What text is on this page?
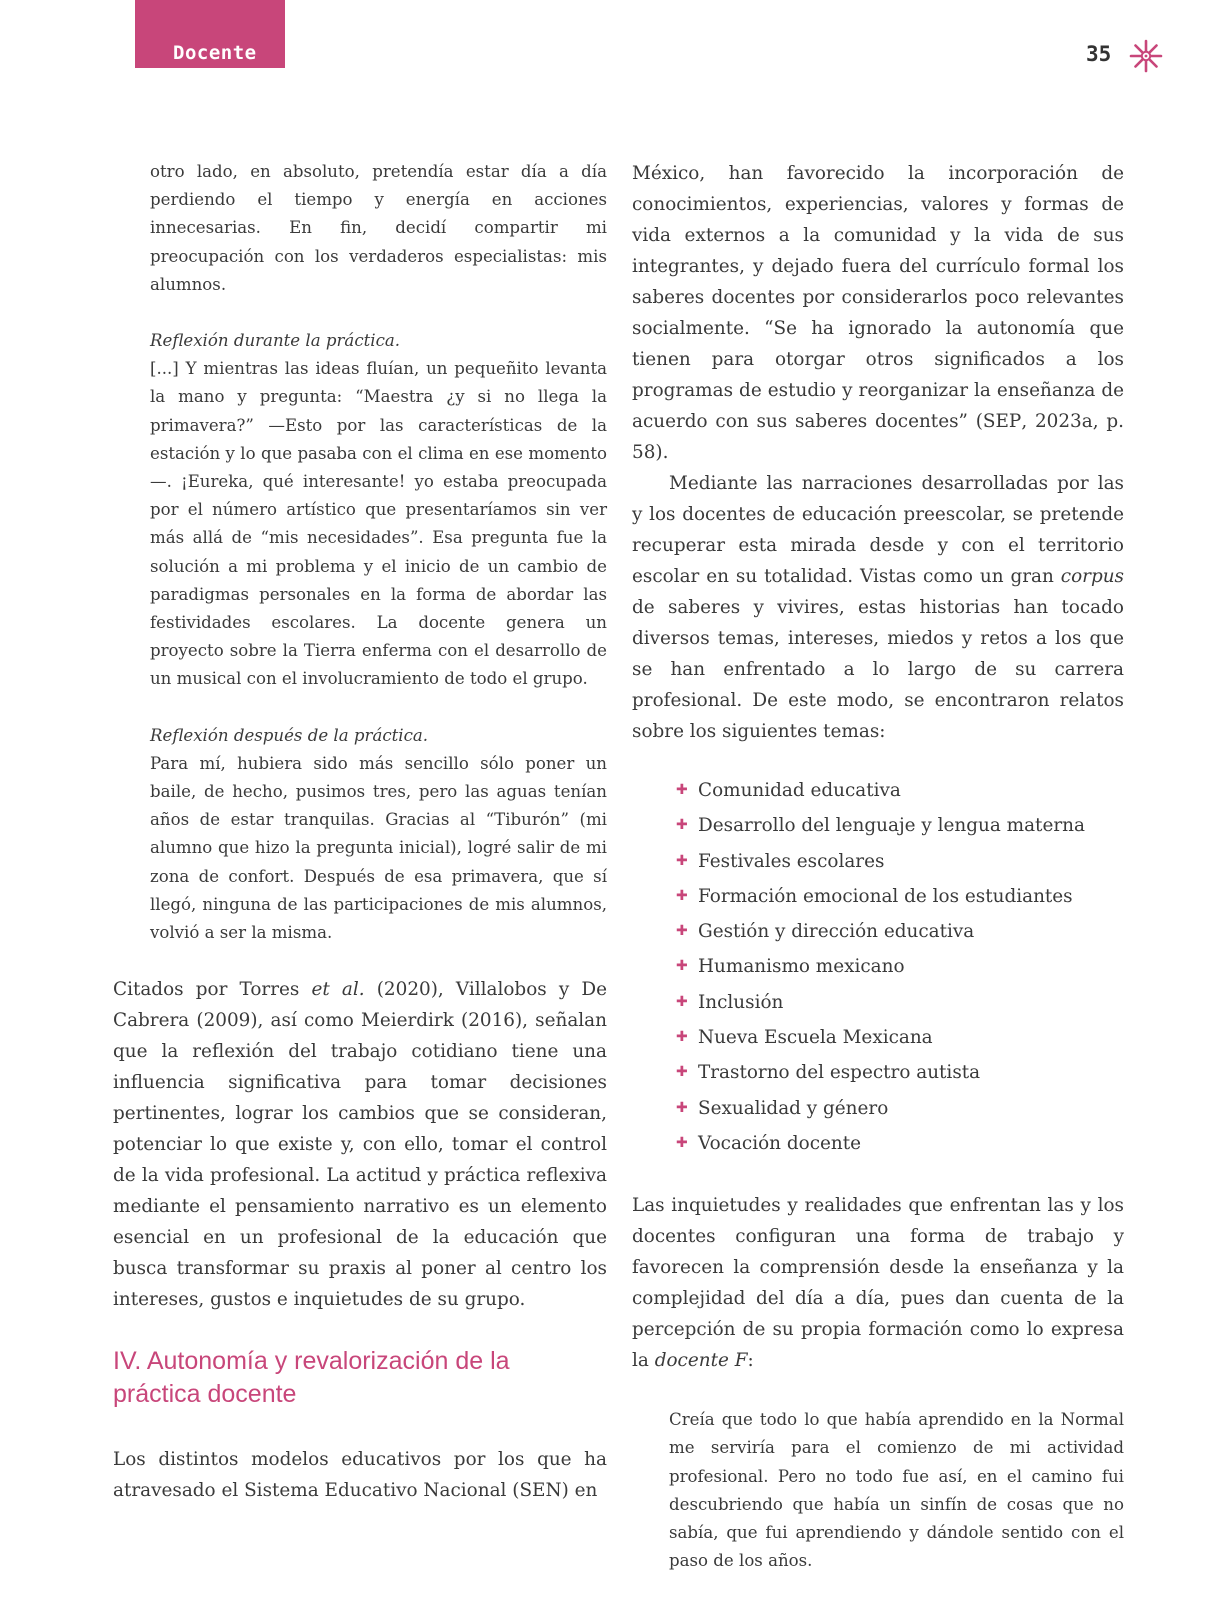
Docente	35

otro lado, en absoluto, pretendía estar día a día perdiendo el tiempo y energía en acciones innecesarias. En fin, decidí compartir mi preocupación con los verdaderos especialistas: mis alumnos.

Reflexión durante la práctica.

[...] Y mientras las ideas fluían, un pequeñito levanta la mano y pregunta: “Maestra ¿y si no llega la primavera?” —Esto por las características de la estación y lo que pasaba con el clima en ese momento—. ¡Eureka, qué interesante! yo estaba preocupada por el número artístico que presentaríamos sin ver más allá de “mis necesidades”. Esa pregunta fue la solución a mi problema y el inicio de un cambio de paradigmas personales en la forma de abordar las festividades escolares. La docente genera un proyecto sobre la Tierra enferma con el desarrollo de un musical con el involucramiento de todo el grupo.

Reflexión después de la práctica.

Para mí, hubiera sido más sencillo sólo poner un baile, de hecho, pusimos tres, pero las aguas tenían años de estar tranquilas. Gracias al “Tiburón” (mi alumno que hizo la pregunta inicial), logré salir de mi zona de confort. Después de esa primavera, que sí llegó, ninguna de las participaciones de mis alumnos, volvió a ser la misma.

Citados por Torres et al. (2020), Villalobos y De Cabrera (2009), así como Meierdirk (2016), señalan que la reflexión del trabajo cotidiano tiene una influencia significativa para tomar decisiones pertinentes, lograr los cambios que se consideran, potenciar lo que existe y, con ello, tomar el control de la vida profesional. La actitud y práctica reflexiva mediante el pensamiento narrativo es un elemento esencial en un profesional de la educación que busca transformar su praxis al poner al centro los intereses, gustos e inquietudes de su grupo.

IV. Autonomía y revalorización de la práctica docente

Los distintos modelos educativos por los que ha atravesado el Sistema Educativo Nacional (SEN) en

México, han favorecido la incorporación de conocimientos, experiencias, valores y formas de vida externos a la comunidad y la vida de sus integrantes, y dejado fuera del currículo formal los saberes docentes por considerarlos poco relevantes socialmente. “Se ha ignorado la autonomía que tienen para otorgar otros significados a los programas de estudio y reorganizar la enseñanza de acuerdo con sus saberes docentes” (SEP, 2023a, p. 58).

Mediante las narraciones desarrolladas por las y los docentes de educación preescolar, se pretende recuperar esta mirada desde y con el territorio escolar en su totalidad. Vistas como un gran corpus de saberes y vivires, estas historias han tocado diversos temas, intereses, miedos y retos a los que se han enfrentado a lo largo de su carrera profesional. De este modo, se encontraron relatos sobre los siguientes temas:

✚ Comunidad educativa
✚ Desarrollo del lenguaje y lengua materna
✚ Festivales escolares
✚ Formación emocional de los estudiantes
✚ Gestión y dirección educativa
✚ Humanismo mexicano
✚ Inclusión
✚ Nueva Escuela Mexicana
✚ Trastorno del espectro autista
✚ Sexualidad y género
✚ Vocación docente

Las inquietudes y realidades que enfrentan las y los docentes configuran una forma de trabajo y favorecen la comprensión desde la enseñanza y la complejidad del día a día, pues dan cuenta de la percepción de su propia formación como lo expresa la docente F:

Creía que todo lo que había aprendido en la Normal me serviría para el comienzo de mi actividad profesional. Pero no todo fue así, en el camino fui descubriendo que había un sinfín de cosas que no sabía, que fui aprendiendo y dándole sentido con el paso de los años.
